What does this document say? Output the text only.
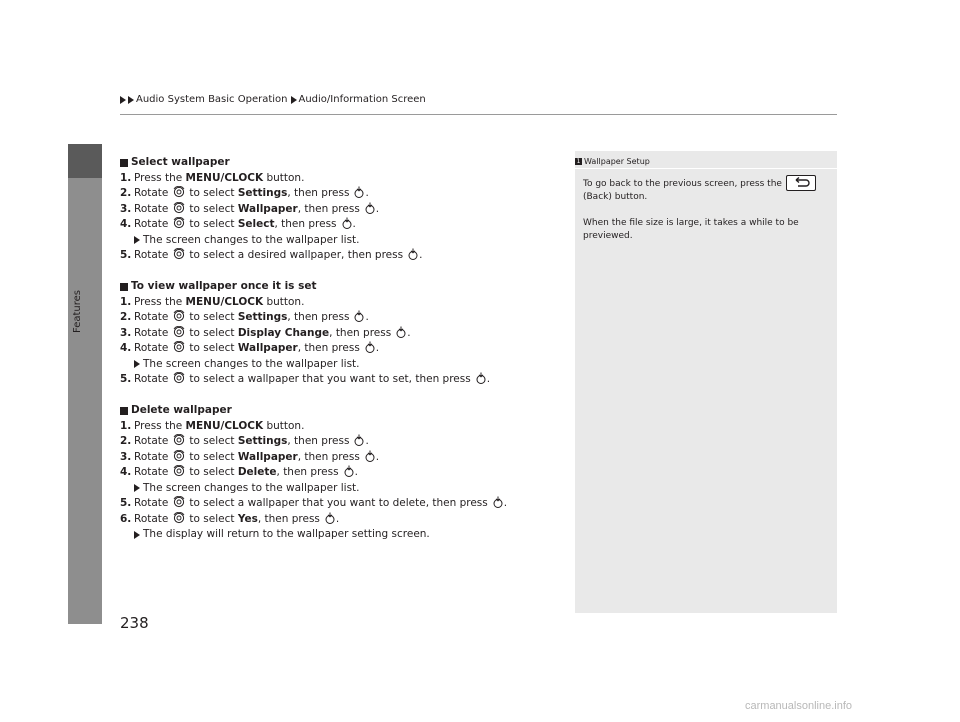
Audio System Basic Operation Audio/Information Screen
Features
Select wallpaper
1. Press the MENU/CLOCK button.
2. Rotate to select Settings, then press .
3. Rotate to select Wallpaper, then press .
4. Rotate to select Select, then press .
The screen changes to the wallpaper list.
5. Rotate to select a desired wallpaper, then press .
To view wallpaper once it is set
1. Press the MENU/CLOCK button.
2. Rotate to select Settings, then press .
3. Rotate to select Display Change, then press .
4. Rotate to select Wallpaper, then press .
The screen changes to the wallpaper list.
5. Rotate to select a wallpaper that you want to set, then press .
Delete wallpaper
1. Press the MENU/CLOCK button.
2. Rotate to select Settings, then press .
3. Rotate to select Wallpaper, then press .
4. Rotate to select Delete, then press .
The screen changes to the wallpaper list.
5. Rotate to select a wallpaper that you want to delete, then press .
6. Rotate to select Yes, then press .
The display will return to the wallpaper setting screen.
1 Wallpaper Setup

To go back to the previous screen, press the
(Back) button.

When the file size is large, it takes a while to be previewed.

238
carmanualsonline.info
